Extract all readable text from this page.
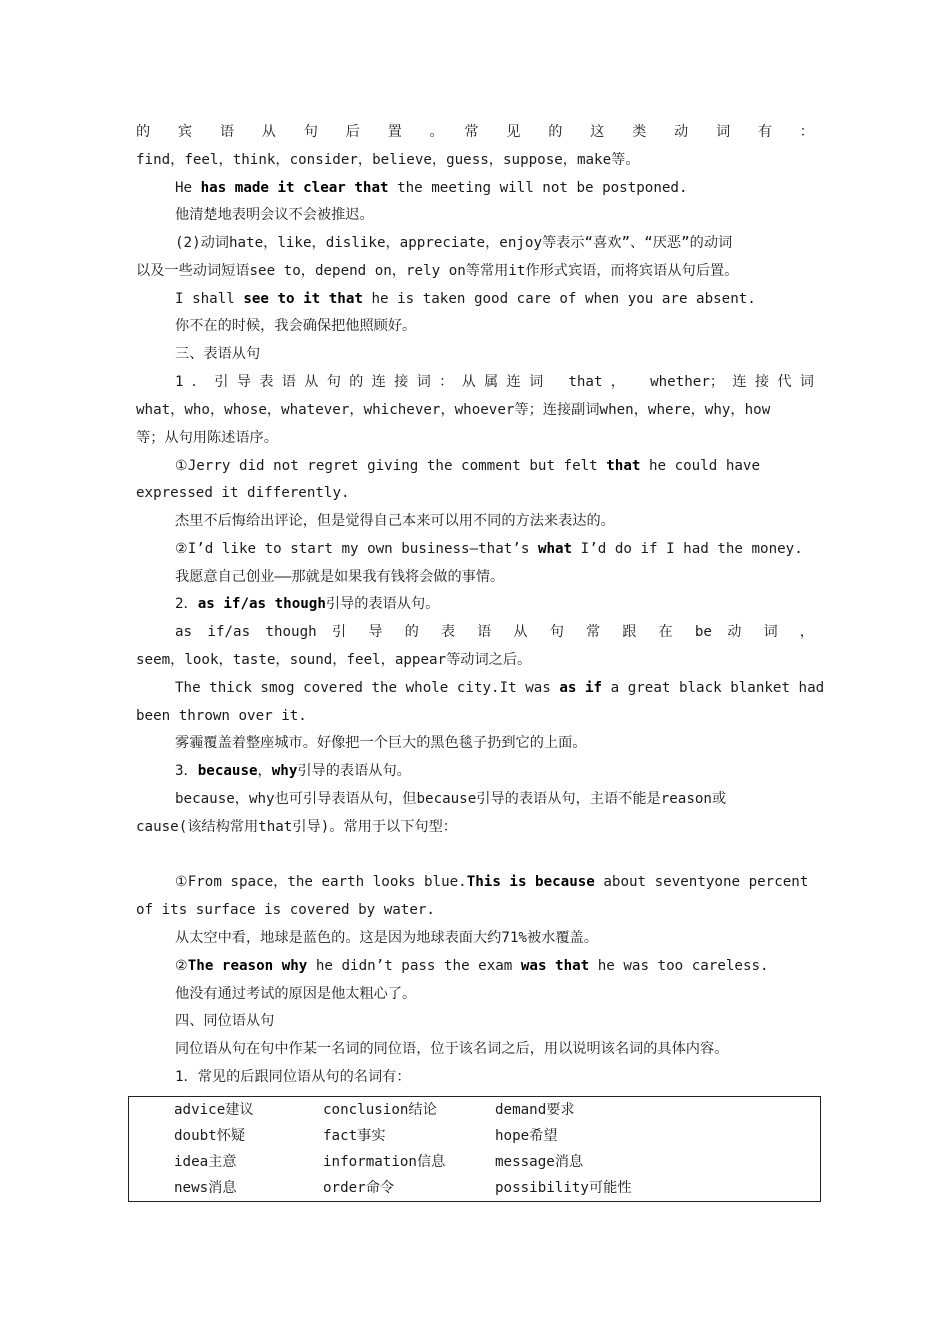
的　宾　语　从　句　后　置　。　常　见　的　这　类　动　词　有　：
find，feel，think，consider，believe，guess，suppose，make等。
He has made it clear that the meeting will not be postponed.
他清楚地表明会议不会被推迟。
(2)动词hate，like，dislike，appreciate，enjoy等表示“喜欢”、“厌恶”的动词
以及一些动词短语see to，depend on，rely on等常用it作形式宾语，而将宾语从句后置。
I shall see to it that he is taken good care of when you are absent.
你不在的时候，我会确保把他照顾好。
三、表语从句
1．引导表语从句的连接词：从属连词 that， whether；连接代词
what，who，whose，whatever，whichever，whoever等；连接副词when，where，why，how
等；从句用陈述语序。
①Jerry did not regret giving the comment but felt that he could have
expressed it differently.
杰里不后悔给出评论，但是觉得自己本来可以用不同的方法来表达的。
②I’d like to start my own business—that’s what I’d do if I had the money.
我愿意自己创业——那就是如果我有钱将会做的事情。
2．as if/as though引导的表语从句。
as if/as though 引 导 的 表 语 从 句 常 跟 在 be 动 词 ，
seem，look，taste，sound，feel，appear等动词之后。
The thick smog covered the whole city.It was as if a great black blanket had
been thrown over it.
雾霾覆盖着整座城市。好像把一个巨大的黑色毯子扔到它的上面。
3．because，why引导的表语从句。
because，why也可引导表语从句，但because引导的表语从句，主语不能是reason或
cause(该结构常用that引导)。常用于以下句型：
①From space，the earth looks blue.This is because about seventyone percent
of its surface is covered by water.
从太空中看，地球是蓝色的。这是因为地球表面大约71%被水覆盖。
②The reason why he didn’t pass the exam was that he was too careless.
他没有通过考试的原因是他太粗心了。
四、同位语从句
同位语从句在句中作某一名词的同位语，位于该名词之后，用以说明该名词的具体内容。
1．常见的后跟同位语从句的名词有：
advice建议	conclusion结论	demand要求
doubt怀疑	fact事实	hope希望
idea主意	information信息	message消息
news消息	order命令	possibility可能性
